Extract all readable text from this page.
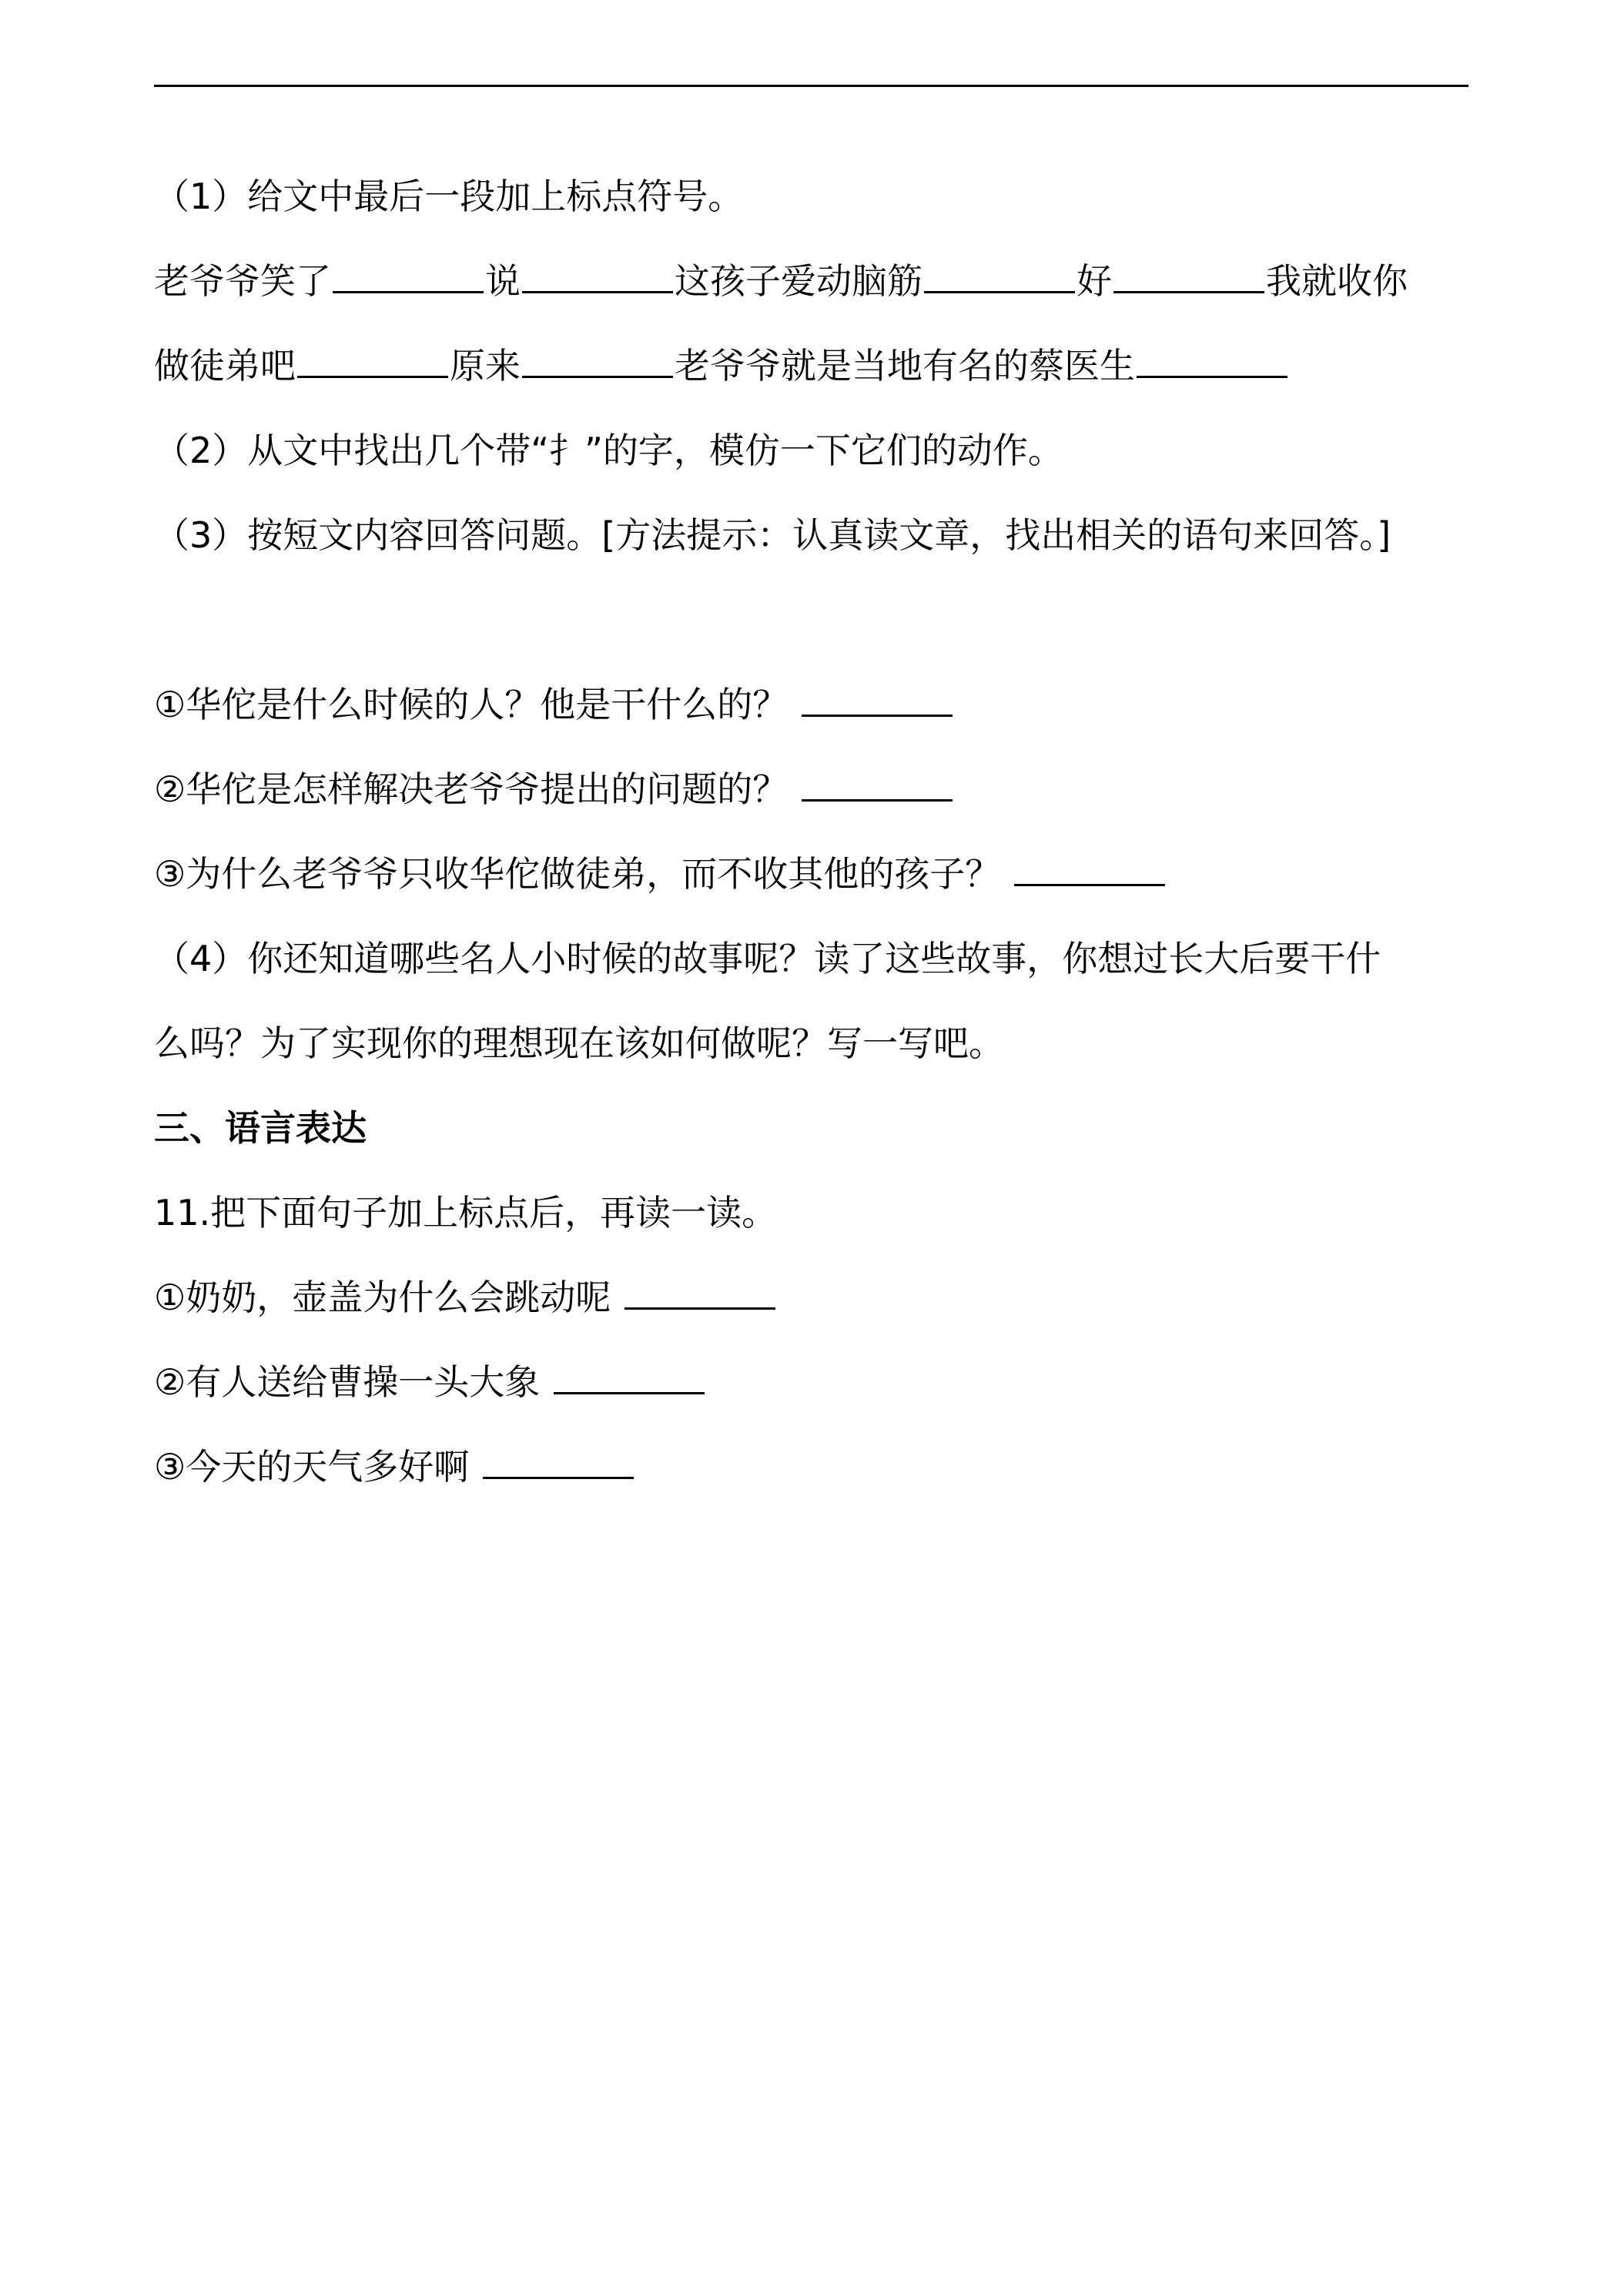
（1）给文中最后一段加上标点符号。
老爷爷笑了	说	这孩子爱动脑筋	好	我就收你
做徒弟吧	原来	老爷爷就是当地有名的蔡医生
（2）从文中找出几个带“扌”的字，模仿一下它们的动作。
（3）按短文内容回答问题。[方法提示：认真读文章，找出相关的语句来回答。]
①华佗是什么时候的人？他是干什么的？
②华佗是怎样解决老爷爷提出的问题的？
③为什么老爷爷只收华佗做徒弟，而不收其他的孩子？
（4）你还知道哪些名人小时候的故事呢？读了这些故事，你想过长大后要干什
么吗？为了实现你的理想现在该如何做呢？写一写吧。
三、语言表达
11.把下面句子加上标点后，再读一读。
①奶奶，壶盖为什么会跳动呢
②有人送给曹操一头大象
③今天的天气多好啊
